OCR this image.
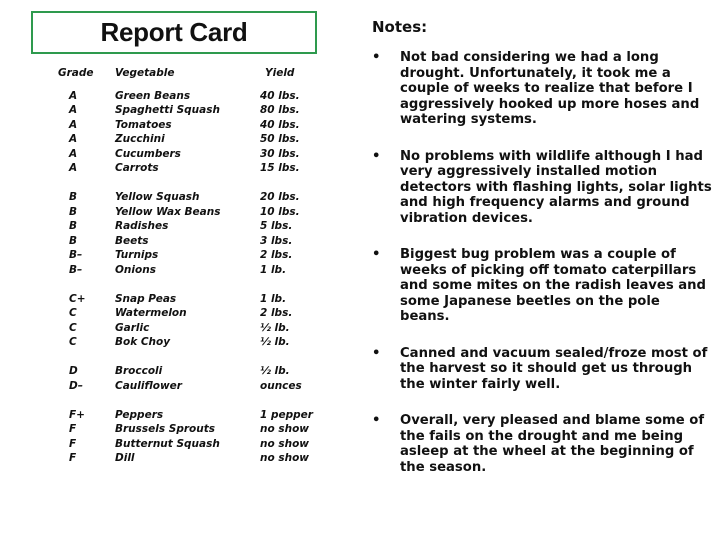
Report Card
Grade	Vegetable	Yield
A	Green Beans	40 lbs.
A	Spaghetti Squash	80 lbs.
A	Tomatoes	40 lbs.
A	Zucchini	50 lbs.
A	Cucumbers	30 lbs.
A	Carrots	15 lbs.
B	Yellow Squash	20 lbs.
B	Yellow Wax Beans	10 lbs.
B	Radishes	5 lbs.
B	Beets	3 lbs.
B–	Turnips	2 lbs.
B–	Onions	1 lb.
C+	Snap Peas	1 lb.
C	Watermelon	2 lbs.
C	Garlic	½ lb.
C	Bok Choy	½ lb.
D	Broccoli	½ lb.
D–	Cauliflower	ounces
F+	Peppers	1 pepper
F	Brussels Sprouts	no show
F	Butternut Squash	no show
F	Dill	no show
Notes:
• Not bad considering we had a long drought. Unfortunately, it took me a couple of weeks to realize that before I aggressively hooked up more hoses and watering systems.
• No problems with wildlife although I had very aggressively installed motion detectors with flashing lights, solar lights and high frequency alarms and ground vibration devices.
• Biggest bug problem was a couple of weeks of picking off tomato caterpillars and some mites on the radish leaves and some Japanese beetles on the pole beans.
• Canned and vacuum sealed/froze most of the harvest so it should get us through the winter fairly well.
• Overall, very pleased and blame some of the fails on the drought and me being asleep at the wheel at the beginning of the season.
